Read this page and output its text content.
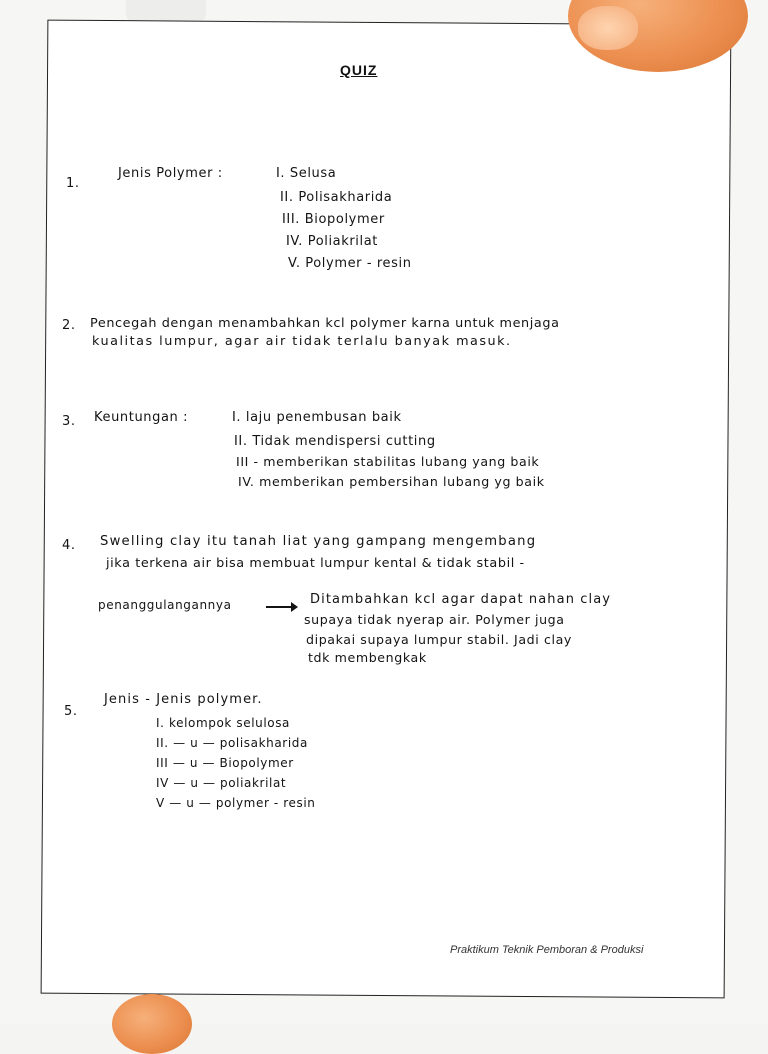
QUIZ
1.
Jenis Polymer :	I. Selusa
II. Polisakharida
III. Biopolymer
IV. Poliakrilat
V. Polymer - resin
2. Pencegah dengan menambahkan kcl polymer karna untuk menjaga
kualitas lumpur, agar air tidak terlalu banyak masuk.
3. Keuntungan :	I. laju penembusan baik
II. Tidak mendispersi cutting
III - memberikan stabilitas lubang yang baik
IV. memberikan pembersihan lubang yg baik
4. Swelling clay itu tanah liat yang gampang mengembang
jika terkena air bisa membuat lumpur kental & tidak stabil -
penanggulangannya	Ditambahkan kcl agar dapat nahan clay
supaya tidak nyerap air. Polymer juga
dipakai supaya lumpur stabil. Jadi clay
tdk membengkak
5.
Jenis - Jenis polymer.
I. kelompok selulosa
II. — u — polisakharida
III — u — Biopolymer
IV — u — poliakrilat
V — u — polymer - resin
Praktikum Teknik Pemboran & Produksi
